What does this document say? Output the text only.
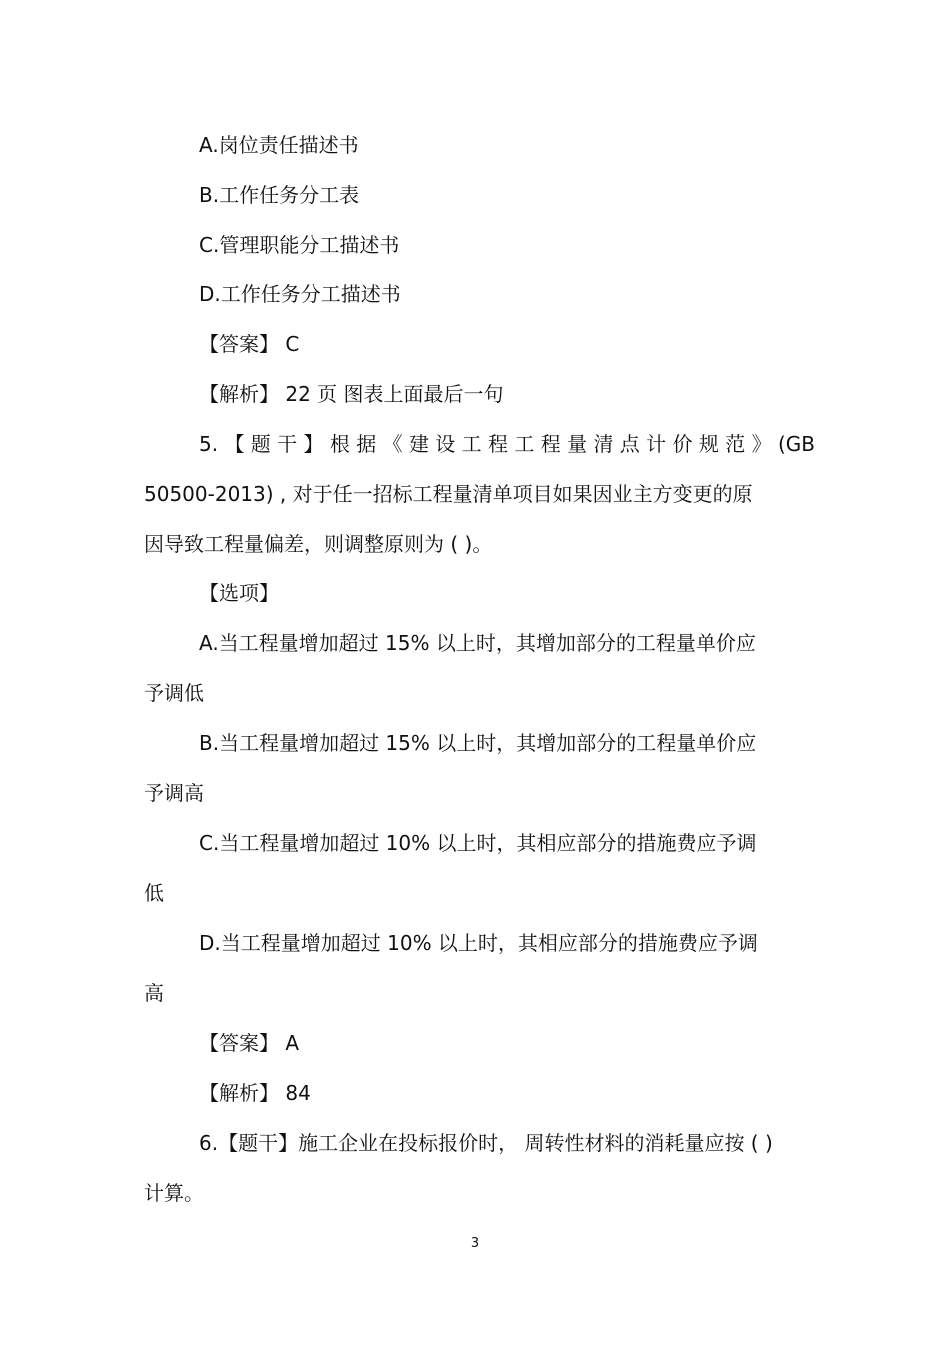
A.岗位责任描述书
B.工作任务分工表
C.管理职能分工描述书
D.工作任务分工描述书
【答案】 C
【解析】 22 页 图表上面最后一句
5. 【 题 干 】 根 据 《 建 设 工 程 工 程 量 清 点 计 价 规 范 》 (GB
50500-2013) , 对于任一招标工程量清单项目如果因业主方变更的原
因导致工程量偏差，则调整原则为 ( )。
【选项】
A.当工程量增加超过 15% 以上时，其增加部分的工程量单价应
予调低
B.当工程量增加超过 15% 以上时，其增加部分的工程量单价应
予调高
C.当工程量增加超过 10% 以上时，其相应部分的措施费应予调
低
D.当工程量增加超过 10% 以上时，其相应部分的措施费应予调
高
【答案】 A
【解析】 84
6.【题干】施工企业在投标报价时， 周转性材料的消耗量应按 ( )
计算。
3
